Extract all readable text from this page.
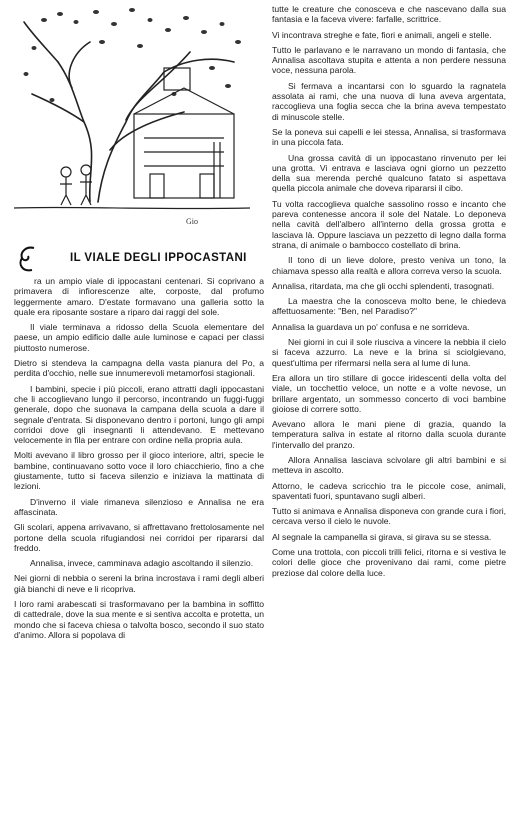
Gio
IL VIALE DEGLI IPPOCASTANI

ra un ampio viale di ippocastani centenari. Si coprivano a primavera di infiorescenze alte, corposte, dal profumo leggermente amaro. D'estate formavano una galleria sotto la quale era riposante sostare a riparo dai raggi del sole.

Il viale terminava a ridosso della Scuola elementare del paese, un ampio edificio dalle aule luminose e capaci per classi piuttosto numerose.

Dietro si stendeva la campagna della vasta pianura del Po, a perdita d'occhio, nelle sue innumerevoli metamorfosi stagionali.

I bambini, specie i più piccoli, erano attratti dagli ippocastani che li accoglievano lungo il percorso, incontrando un fuggi-fuggi generale, dopo che suonava la campana della scuola a dare il segnale d'entrata. Si disponevano dentro i portoni, lungo gli ampi corridoi dove gli insegnanti li attendevano. E mettevano velocemente in fila per entrare con ordine nella propria aula.

Molti avevano il libro grosso per il gioco interiore, altri, specie le bambine, continuavano sotto voce il loro chiacchierio, fino a che giustamente, tutto si faceva silenzio e iniziava la mattinata di lezioni.

D'inverno il viale rimaneva silenzioso e Annalisa ne era affascinata.

Gli scolari, appena arrivavano, si affrettavano frettolosamente nel portone della scuola rifugiandosi nei corridoi per ripararsi dal freddo.

Annalisa, invece, camminava adagio ascoltando il silenzio.

Nei giorni di nebbia o sereni la brina incrostava i rami degli alberi già bianchi di neve e li ricopriva.

I loro rami arabescati si trasformavano per la bambina in soffitto di cattedrale, dove la sua mente e si sentiva accolta e protetta, un mondo che si faceva chiesa o talvolta bosco, secondo il suo stato d'animo. Allora si popolava di

tutte le creature che conosceva e che nascevano dalla sua fantasia e la faceva vivere: farfalle, scrittrice.

Vi incontrava streghe e fate, fiori e animali, angeli e stelle.

Tutto le parlavano e le narravano un mondo di fantasia, che Annalisa ascoltava stupita e attenta a non perdere nessuna voce, nessuna parola.

Si fermava a incantarsi con lo sguardo la ragnatela assolata ai rami, che una nuova di luna aveva argentata, raccoglieva una foglia secca che la brina aveva tempestato di minuscole stelle.

Se la poneva sui capelli e lei stessa, Annalisa, si trasformava in una piccola fata.

Una grossa cavità di un ippocastano rinvenuto per lei una grotta. Vi entrava e lasciava ogni giorno un pezzetto della sua merenda perché qualcuno fatato si aspettava quella piccola animale che doveva ripararsi il cibo.

Tu volta raccoglieva qualche sassolino rosso e incanto che pareva contenesse ancora il sole del Natale. Lo deponeva nella cavità dell'albero all'interno della grossa grotta e lasciava là. Oppure lasciava un pezzetto di legno dalla forma strana, di animale o bambocco costellato di brina.

Il tono di un lieve dolore, presto veniva un tono, la chiamava spesso alla realtà e allora correva verso la scuola.

Annalisa, ritardata, ma che gli occhi splendenti, trasognati.

La maestra che la conosceva molto bene, le chiedeva affettuosamente: "Ben, nel Paradiso?"

Annalisa la guardava un po' confusa e ne sorrideva.

Nei giorni in cui il sole riusciva a vincere la nebbia il cielo si faceva azzurro. La neve e la brina si sciolgievano, quest'ultima per rifermarsi nella sera al lume di luna.

Era allora un tiro stillare di gocce iridescenti della volta del viale, un tocchettìo veloce, un notte e a volte nevose, un brillare argentato, un sommesso concerto di voci bambine gioiose di correre sotto.

Avevano allora le mani piene di grazia, quando la temperatura saliva in estate al ritorno dalla scuola durante l'intervallo del pranzo.

Allora Annalisa lasciava scivolare gli altri bambini e si metteva in ascolto.

Attorno, le cadeva scricchio tra le piccole cose, animali, spaventati fuori, spuntavano sugli alberi.

Tutto si animava e Annalisa disponeva con grande cura i fiori, cercava verso il cielo le nuvole.

Al segnale la campanella si girava, si girava su se stessa.

Come una trottola, con piccoli trilli felici, ritorna e si vestiva le colori delle gioce che provenivano dai rami, come pietre preziose dal colore della luce.
